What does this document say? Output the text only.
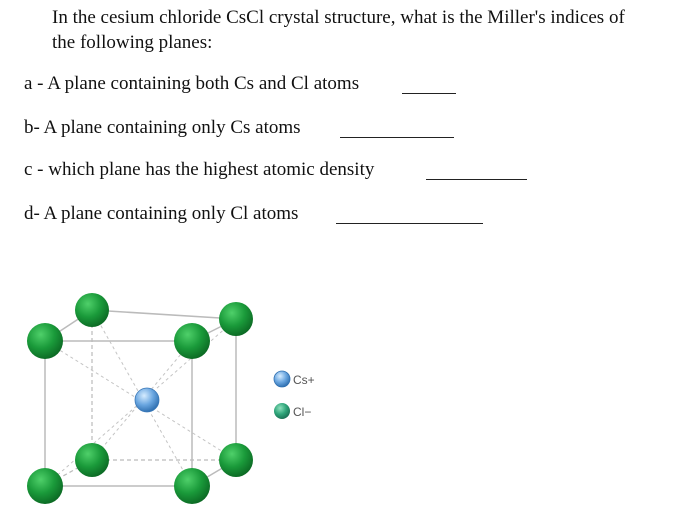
In the cesium chloride CsCl crystal structure, what is the Miller's indices of
the following planes:
a - A plane containing both Cs and Cl atoms
b- A plane containing only Cs atoms
c - which plane has the highest atomic density
d- A plane containing only Cl atoms
Cs+
Cl−
